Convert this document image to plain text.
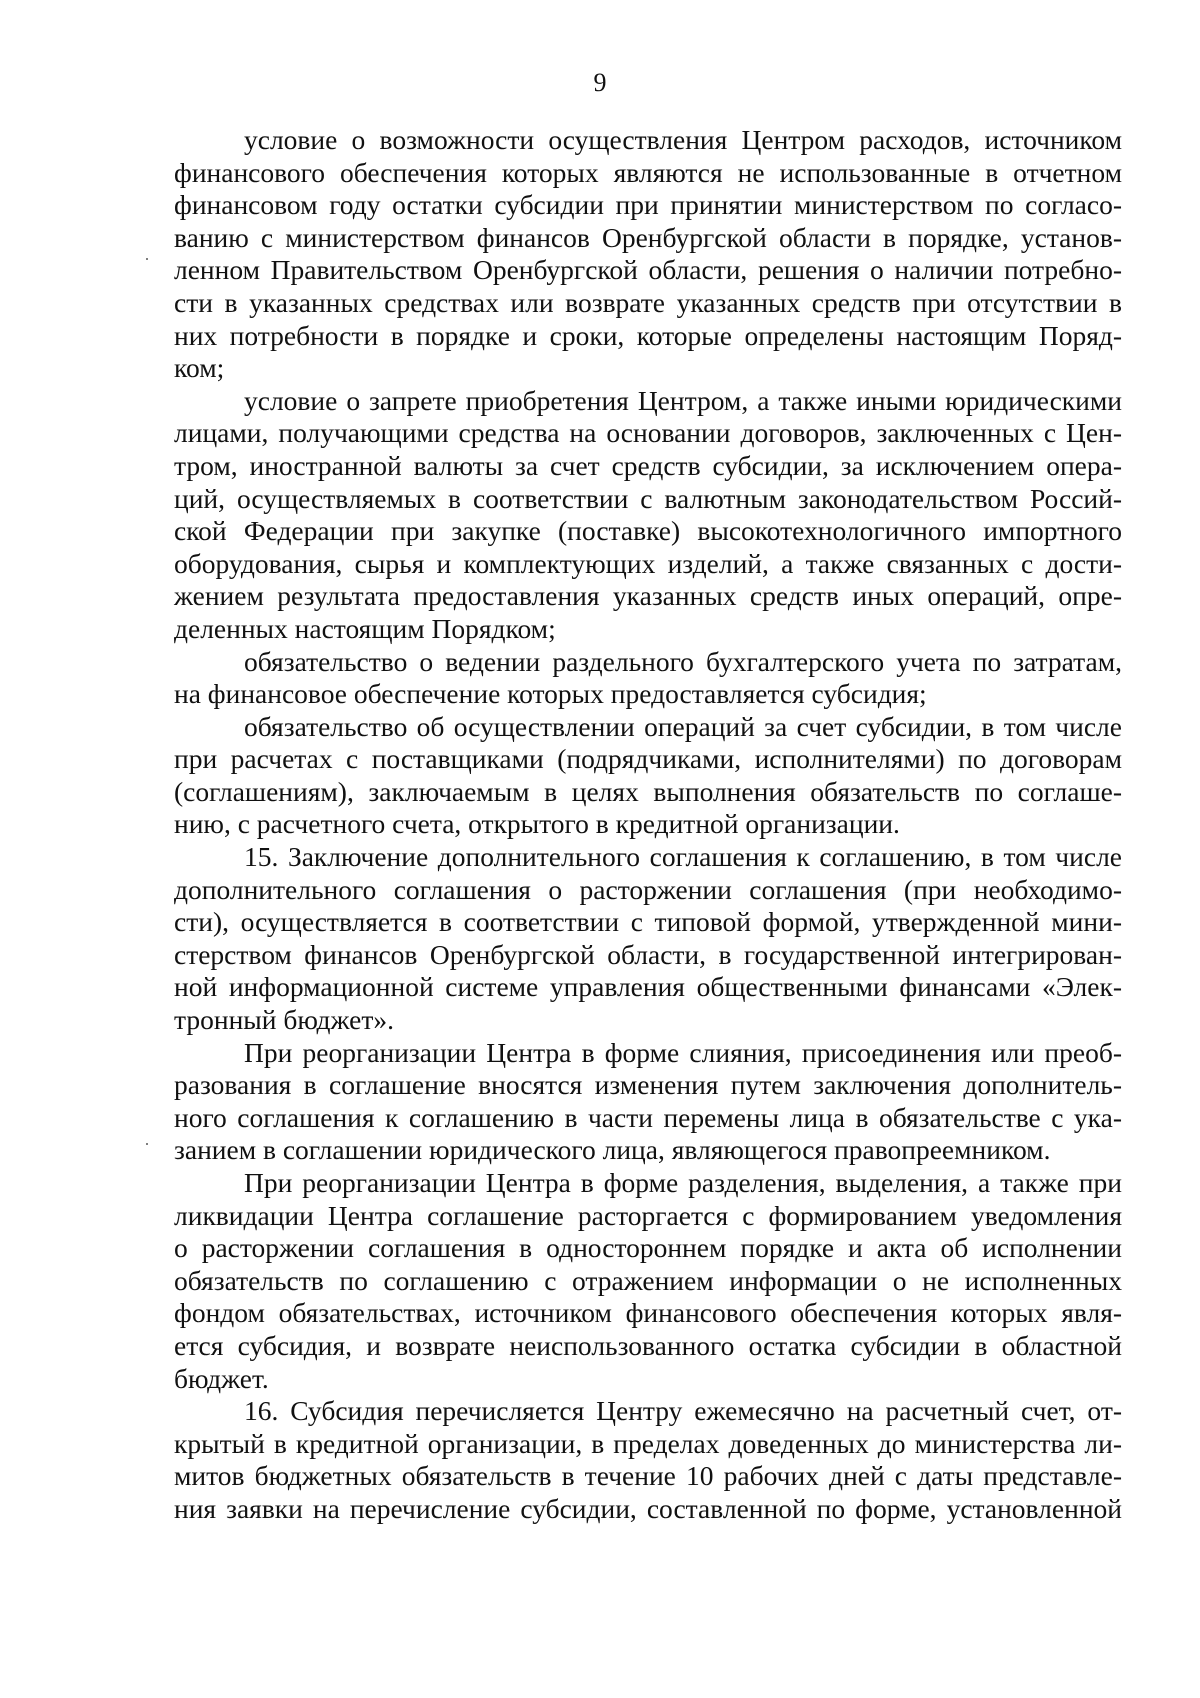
9
условие о возможности осуществления Центром расходов, источником
финансового обеспечения которых являются не использованные в отчетном
финансовом году остатки субсидии при принятии министерством по согласо-
ванию с министерством финансов Оренбургской области в порядке, установ-
ленном Правительством Оренбургской области, решения о наличии потребно-
сти в указанных средствах или возврате указанных средств при отсутствии в
них потребности в порядке и сроки, которые определены настоящим Поряд-
ком;
условие о запрете приобретения Центром, а также иными юридическими
лицами, получающими средства на основании договоров, заключенных с Цен-
тром, иностранной валюты за счет средств субсидии, за исключением опера-
ций, осуществляемых в соответствии с валютным законодательством Россий-
ской Федерации при закупке (поставке) высокотехнологичного импортного
оборудования, сырья и комплектующих изделий, а также связанных с дости-
жением результата предоставления указанных средств иных операций, опре-
деленных настоящим Порядком;
обязательство о ведении раздельного бухгалтерского учета по затратам,
на финансовое обеспечение которых предоставляется субсидия;
обязательство об осуществлении операций за счет субсидии, в том числе
при расчетах с поставщиками (подрядчиками, исполнителями) по договорам
(соглашениям), заключаемым в целях выполнения обязательств по соглаше-
нию, с расчетного счета, открытого в кредитной организации.
15. Заключение дополнительного соглашения к соглашению, в том числе
дополнительного соглашения о расторжении соглашения (при необходимо-
сти), осуществляется в соответствии с типовой формой, утвержденной мини-
стерством финансов Оренбургской области, в государственной интегрирован-
ной информационной системе управления общественными финансами «Элек-
тронный бюджет».
При реорганизации Центра в форме слияния, присоединения или преоб-
разования в соглашение вносятся изменения путем заключения дополнитель-
ного соглашения к соглашению в части перемены лица в обязательстве с ука-
занием в соглашении юридического лица, являющегося правопреемником.
При реорганизации Центра в форме разделения, выделения, а также при
ликвидации Центра соглашение расторгается с формированием уведомления
о расторжении соглашения в одностороннем порядке и акта об исполнении
обязательств по соглашению с отражением информации о не исполненных
фондом обязательствах, источником финансового обеспечения которых явля-
ется субсидия, и возврате неиспользованного остатка субсидии в областной
бюджет.
16. Субсидия перечисляется Центру ежемесячно на расчетный счет, от-
крытый в кредитной организации, в пределах доведенных до министерства ли-
митов бюджетных обязательств в течение 10 рабочих дней с даты представле-
ния заявки на перечисление субсидии, составленной по форме, установленной
